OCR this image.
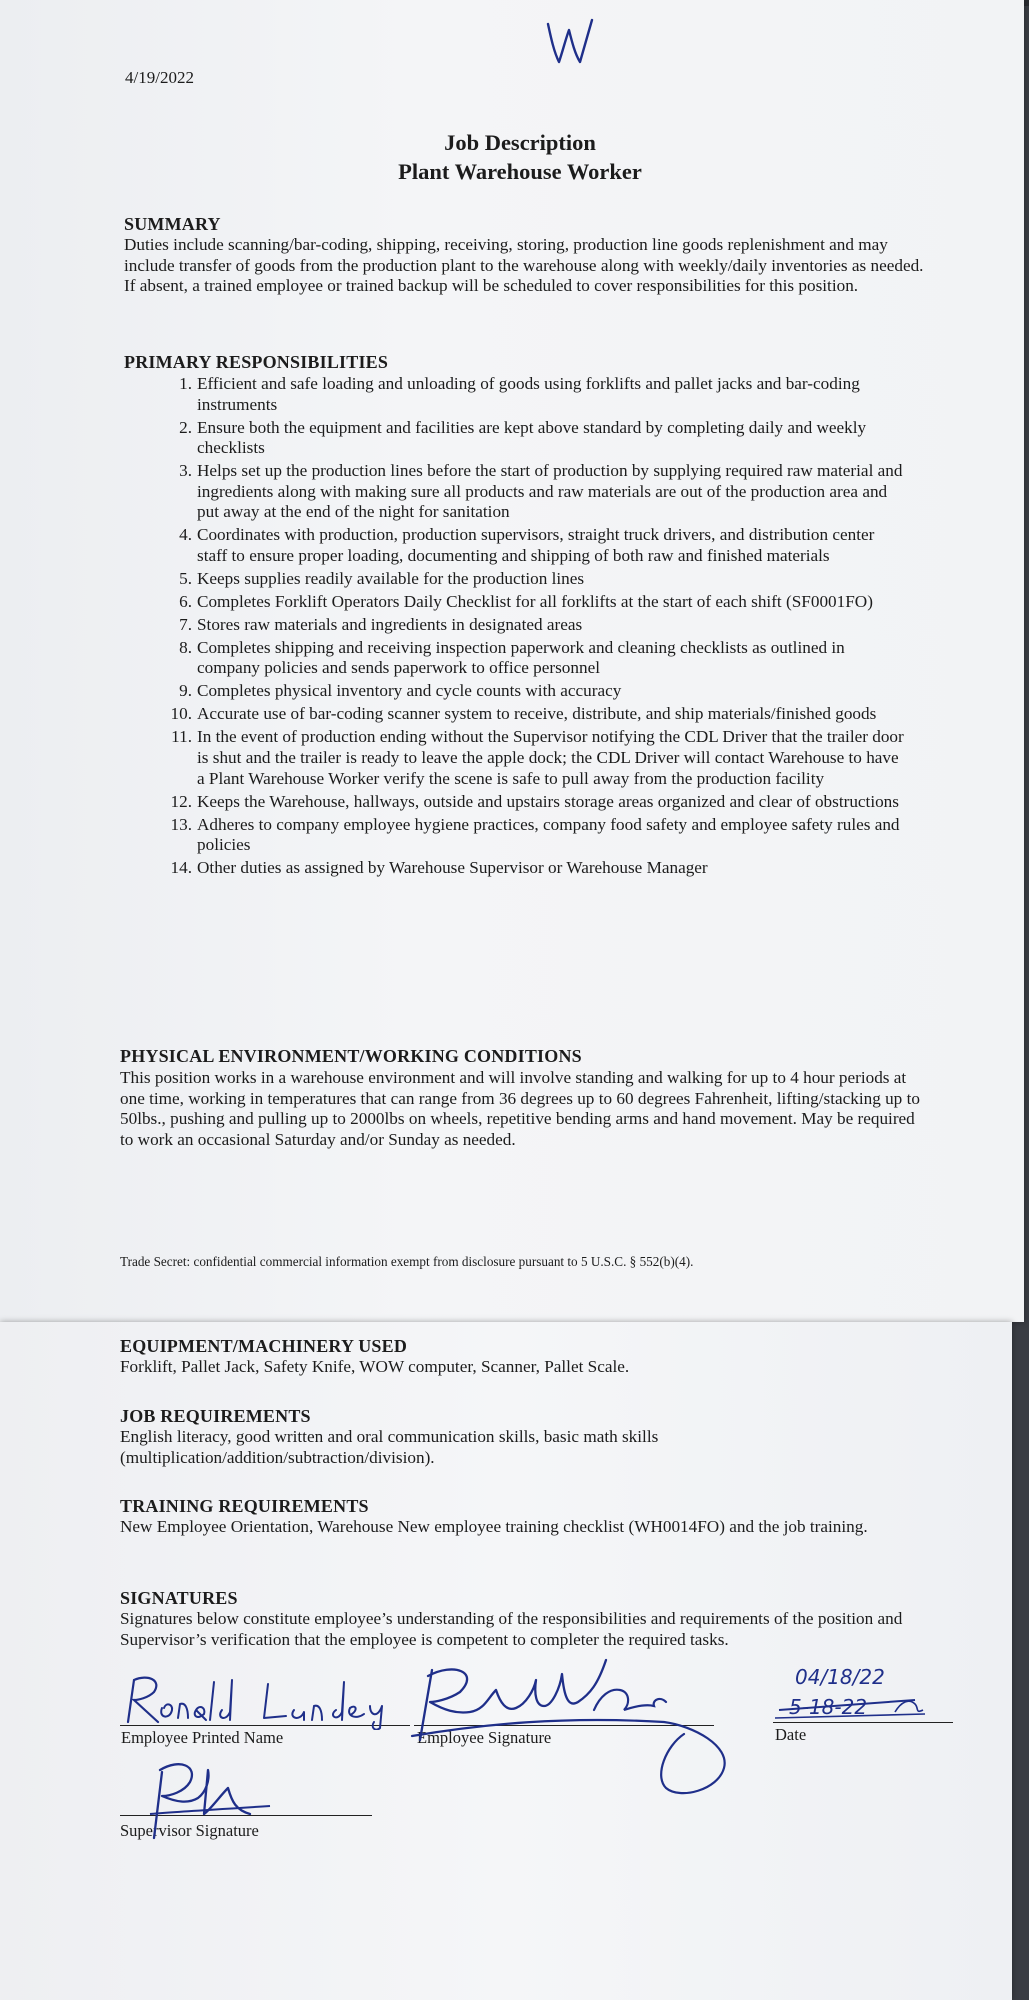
4/19/2022
Job Description
Plant Warehouse Worker
SUMMARY
Duties include scanning/bar-coding, shipping, receiving, storing, production line goods replenishment and may include transfer of goods from the production plant to the warehouse along with weekly/daily inventories as needed. If absent, a trained employee or trained backup will be scheduled to cover responsibilities for this position.
PRIMARY RESPONSIBILITIES
1. Efficient and safe loading and unloading of goods using forklifts and pallet jacks and bar-coding instruments
2. Ensure both the equipment and facilities are kept above standard by completing daily and weekly checklists
3. Helps set up the production lines before the start of production by supplying required raw material and ingredients along with making sure all products and raw materials are out of the production area and put away at the end of the night for sanitation
4. Coordinates with production, production supervisors, straight truck drivers, and distribution center staff to ensure proper loading, documenting and shipping of both raw and finished materials
5. Keeps supplies readily available for the production lines
6. Completes Forklift Operators Daily Checklist for all forklifts at the start of each shift (SF0001FO)
7. Stores raw materials and ingredients in designated areas
8. Completes shipping and receiving inspection paperwork and cleaning checklists as outlined in company policies and sends paperwork to office personnel
9. Completes physical inventory and cycle counts with accuracy
10. Accurate use of bar-coding scanner system to receive, distribute, and ship materials/finished goods
11. In the event of production ending without the Supervisor notifying the CDL Driver that the trailer door is shut and the trailer is ready to leave the apple dock; the CDL Driver will contact Warehouse to have a Plant Warehouse Worker verify the scene is safe to pull away from the production facility
12. Keeps the Warehouse, hallways, outside and upstairs storage areas organized and clear of obstructions
13. Adheres to company employee hygiene practices, company food safety and employee safety rules and policies
14. Other duties as assigned by Warehouse Supervisor or Warehouse Manager
PHYSICAL ENVIRONMENT/WORKING CONDITIONS
This position works in a warehouse environment and will involve standing and walking for up to 4 hour periods at one time, working in temperatures that can range from 36 degrees up to 60 degrees Fahrenheit, lifting/stacking up to 50lbs., pushing and pulling up to 2000lbs on wheels, repetitive bending arms and hand movement. May be required to work an occasional Saturday and/or Sunday as needed.
Trade Secret: confidential commercial information exempt from disclosure pursuant to 5 U.S.C. § 552(b)(4).
EQUIPMENT/MACHINERY USED
Forklift, Pallet Jack, Safety Knife, WOW computer, Scanner, Pallet Scale.
JOB REQUIREMENTS
English literacy, good written and oral communication skills, basic math skills (multiplication/addition/subtraction/division).
TRAINING REQUIREMENTS
New Employee Orientation, Warehouse New employee training checklist (WH0014FO) and the job training.
SIGNATURES
Signatures below constitute employee’s understanding of the responsibilities and requirements of the position and Supervisor’s verification that the employee is competent to completer the required tasks.
Employee Printed Name	Employee Signature	Date
Supervisor Signature
04/18/22
5-18-22
